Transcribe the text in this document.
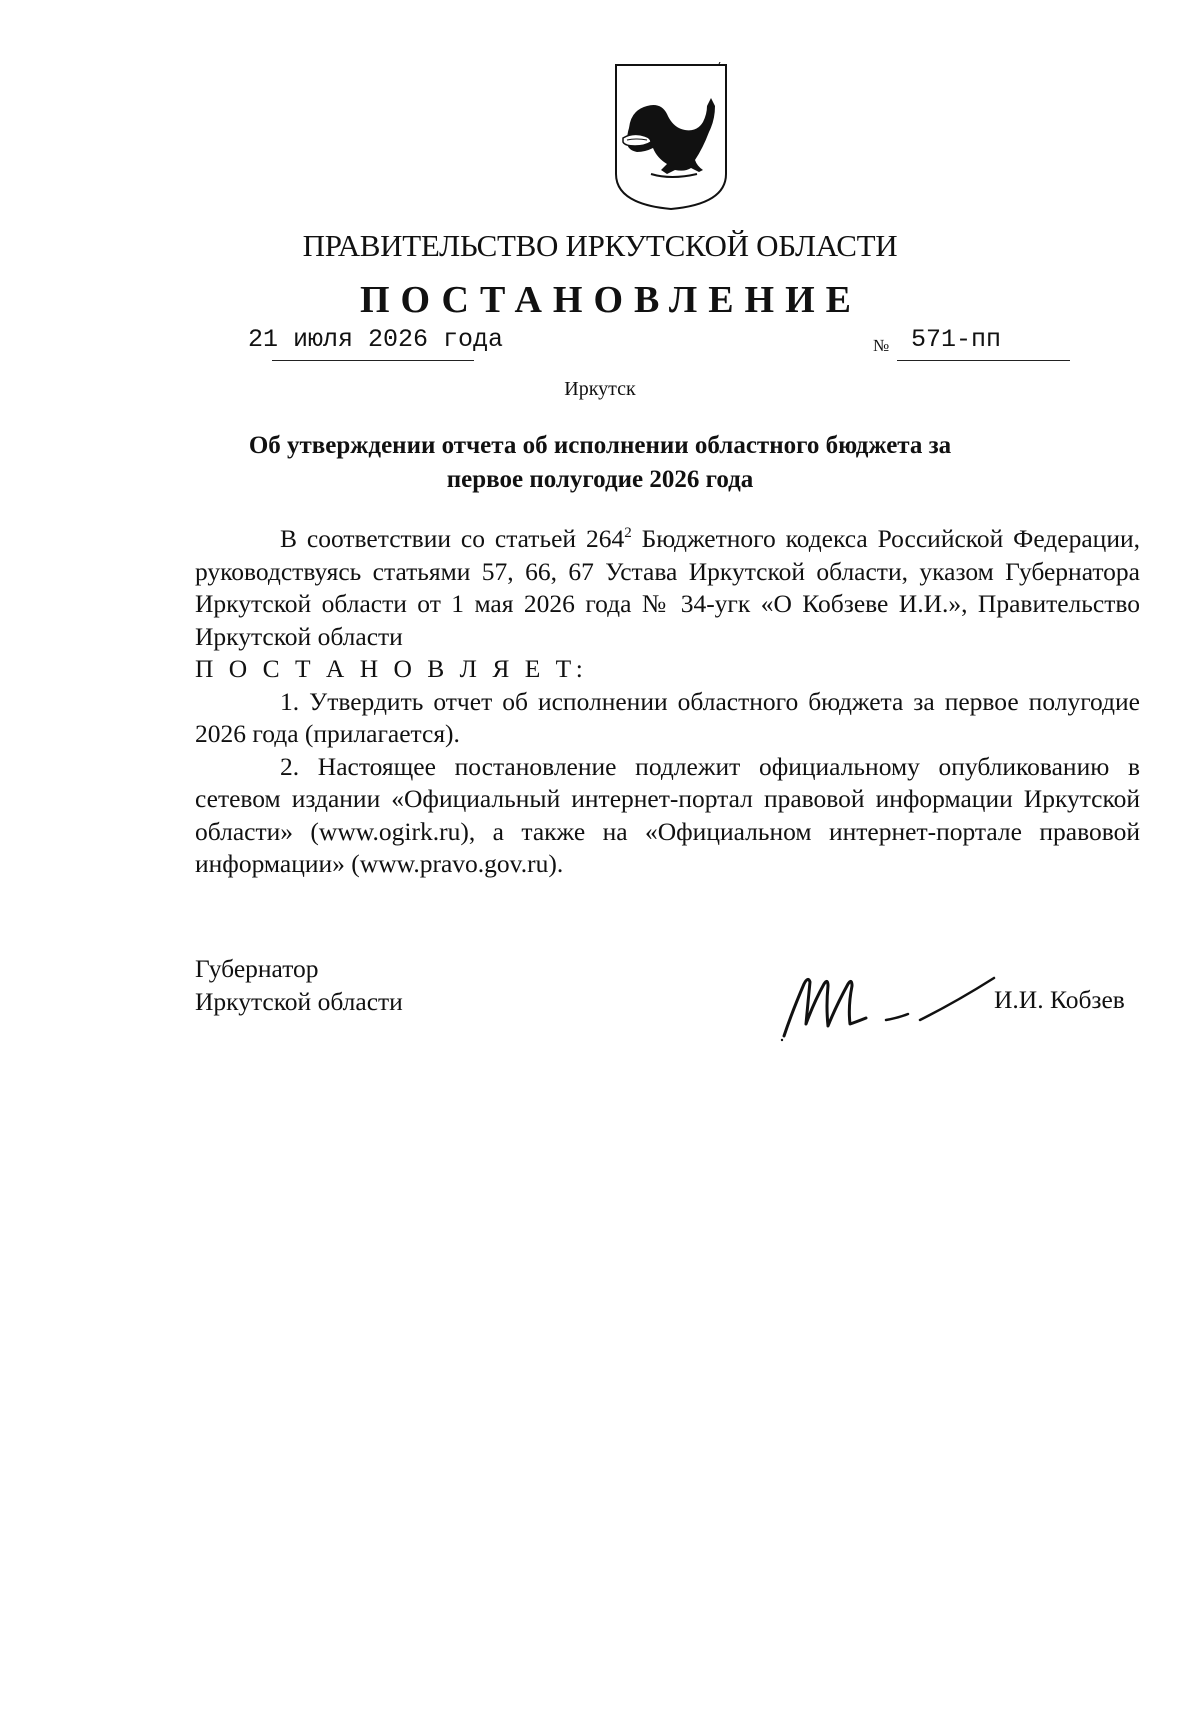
ПРАВИТЕЛЬСТВО ИРКУТСКОЙ ОБЛАСТИ
ПОСТАНОВЛЕНИЕ
21 июля 2026 года	№ 571-пп
Иркутск
Об утверждении отчета об исполнении областного бюджета за
первое полугодие 2026 года

В соответствии со статьей $264^2$ Бюджетного кодекса Российской Федерации, руководствуясь статьями 57, 66, 67 Устава Иркутской области, указом Губернатора Иркутской области от 1 мая 2026 года № 34-угк «О Кобзеве И.И.», Правительство Иркутской области

П О С Т А Н О В Л Я Е Т:

1. Утвердить отчет об исполнении областного бюджета за первое полугодие 2026 года (прилагается).

2. Настоящее постановление подлежит официальному опубликованию в сетевом издании «Официальный интернет-портал правовой информации Иркутской области» (www.ogirk.ru), а также на «Официальном интернет-портале правовой информации» (www.pravo.gov.ru).

Губернатор
Иркутской области	И.И. Кобзев
